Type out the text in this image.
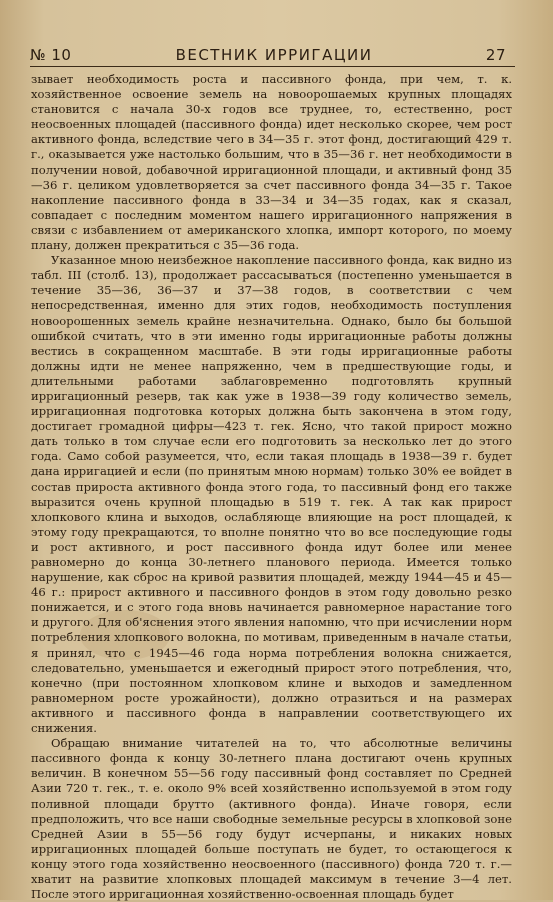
№ 10	ВЕСТНИК ИРРИГАЦИИ	27

зывает необходимость роста и пассивного фонда, при чем, т. к. хозяйственное освоение земель на новоорошаемых крупных площадях становится с начала 30-х годов все труднее, то, естественно, рост неосвоенных площадей (пассивного фонда) идет несколько скорее, чем рост активного фонда, вследствие чего в 34—35 г. этот фонд, достигающий 429 т. г., оказывается уже настолько большим, что в 35—36 г. нет необходимости в получении новой, добавочной ирригационной площади, и активный фонд 35—36 г. целиком удовлетворяется за счет пассивного фонда 34—35 г. Такое накопление пассивного фонда в 33—34 и 34—35 годах, как я сказал, совпадает с последним моментом нашего ирригационного напряжения в связи с избавлением от американского хлопка, импорт которого, по моему плану, должен прекратиться с 35—36 года.

Указанное мною неизбежное накопление пассивного фонда, как видно из табл. III (столб. 13), продолжает рассасываться (постепенно уменьшается в течение 35—36, 36—37 и 37—38 годов, в соответствии с чем непосредственная, именно для этих годов, необходимость поступления новоорошенных земель крайне незначительна. Однако, было бы большой ошибкой считать, что в эти именно годы ирригационные работы должны вестись в сокращенном масштабе. В эти годы ирригационные работы должны идти не менее напряженно, чем в предшествующие годы, и длительными работами заблаговременно подготовлять крупный ирригационный резерв, так как уже в 1938—39 году количество земель, ирригационная подготовка которых должна быть закончена в этом году, достигает громадной цифры—423 т. гек. Ясно, что такой прирост можно дать только в том случае если его подготовить за несколько лет до этого года. Само собой разумеется, что, если такая площадь в 1938—39 г. будет дана ирригацией и если (по принятым мною нормам) только 30% ее войдет в состав прироста активного фонда этого года, то пассивный фонд его также выразится очень крупной площадью в 519 т. гек. А так как прирост хлопкового клина и выходов, ослабляюще влияющие на рост площадей, к этому году прекращаются, то вполне понятно что во все последующие годы и рост активного, и рост пассивного фонда идут более или менее равномерно до конца 30-летнего планового периода. Имеется только нарушение, как сброс на кривой развития площадей, между 1944—45 и 45—46 г.: прирост активного и пассивного фондов в этом году довольно резко понижается, и с этого года вновь начинается равномерное нарастание того и другого. Для об'яснения этого явления напомню, что при исчислении норм потребления хлопкового волокна, по мотивам, приведенным в начале статьи, я принял, что с 1945—46 года норма потребления волокна снижается, следовательно, уменьшается и ежегодный прирост этого потребления, что, конечно (при постоянном хлопковом клине и выходов и замедленном равномерном росте урожайности), должно отразиться и на размерах активного и пассивного фонда в направлении соответствующего их снижения.

Обращаю внимание читателей на то, что абсолютные величины пассивного фонда к концу 30-летнего плана достигают очень крупных величин. В конечном 55—56 году пассивный фонд составляет по Средней Азии 720 т. гек., т. е. около 9% всей хозяйственно используемой в этом году поливной площади брутто (активного фонда). Иначе говоря, если предположить, что все наши свободные земельные ресурсы в хлопковой зоне Средней Азии в 55—56 году будут исчерпаны, и никаких новых ирригационных площадей больше поступать не будет, то остающегося к концу этого года хозяйственно неосвоенного (пассивного) фонда 720 т. г.—хватит на развитие хлопковых площадей максимум в течение 3—4 лет. После этого ирригационная хозяйственно-освоенная площадь будет
